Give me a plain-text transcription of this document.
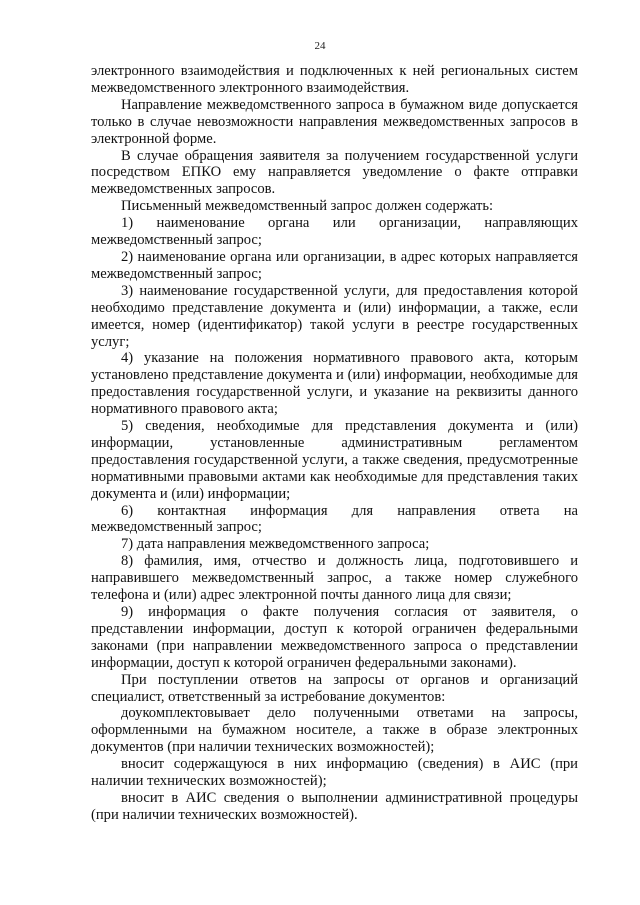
24

электронного взаимодействия и подключенных к ней региональных систем межведомственного электронного взаимодействия.

Направление межведомственного запроса в бумажном виде допускается только в случае невозможности направления межведомственных запросов в электронной форме.

В случае обращения заявителя за получением государственной услуги посредством ЕПКО ему направляется уведомление о факте отправки межведомственных запросов.

Письменный межведомственный запрос должен содержать:

1) наименование органа или организации, направляющих межведомственный запрос;

2) наименование органа или организации, в адрес которых направляется межведомственный запрос;

3) наименование государственной услуги, для предоставления которой необходимо представление документа и (или) информации, а также, если имеется, номер (идентификатор) такой услуги в реестре государственных услуг;

4) указание на положения нормативного правового акта, которым установлено представление документа и (или) информации, необходимые для предоставления государственной услуги, и указание на реквизиты данного нормативного правового акта;

5) сведения, необходимые для представления документа и (или) информации, установленные административным регламентом предоставления государственной услуги, а также сведения, предусмотренные нормативными правовыми актами как необходимые для представления таких документа и (или) информации;

6) контактная информация для направления ответа на межведомственный запрос;

7) дата направления межведомственного запроса;

8) фамилия, имя, отчество и должность лица, подготовившего и направившего межведомственный запрос, а также номер служебного телефона и (или) адрес электронной почты данного лица для связи;

9) информация о факте получения согласия от заявителя, о представлении информации, доступ к которой ограничен федеральными законами (при направлении межведомственного запроса о представлении информации, доступ к которой ограничен федеральными законами).

При поступлении ответов на запросы от органов и организаций специалист, ответственный за истребование документов:

доукомплектовывает дело полученными ответами на запросы, оформленными на бумажном носителе, а также в образе электронных документов (при наличии технических возможностей);

вносит содержащуюся в них информацию (сведения) в АИС (при наличии технических возможностей);

вносит в АИС сведения о выполнении административной процедуры (при наличии технических возможностей).
